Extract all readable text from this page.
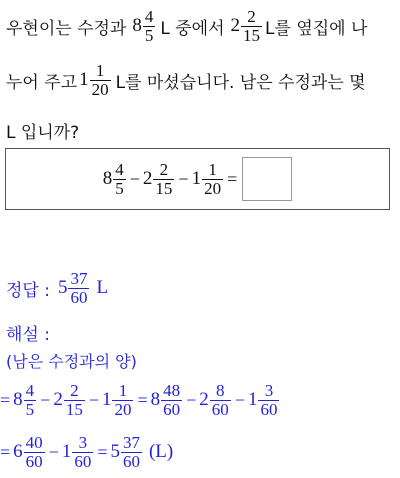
우현이는 수정과 $8 \frac{4}{5}$ L 중에서 $2 \frac{2}{15}$ L를 옆집에 나
누어 주고 $1 \frac{1}{20}$ L를 마셨습니다. 남은 수정과는 몇
L 입니까?
$8 \frac{4}{5} - 2 \frac{2}{15} - 1 \frac{1}{20}$ =
정답 : $5 \frac{37}{60}$ L
해설 :
(남은 수정과의 양)
= $8 \frac{4}{5} - 2 \frac{2}{15} - 1 \frac{1}{20} = 8 \frac{48}{60} - 2 \frac{8}{60} - 1 \frac{3}{60}$
= $6 \frac{40}{60} - 1 \frac{3}{60} = 5 \frac{37}{60} (L)$
